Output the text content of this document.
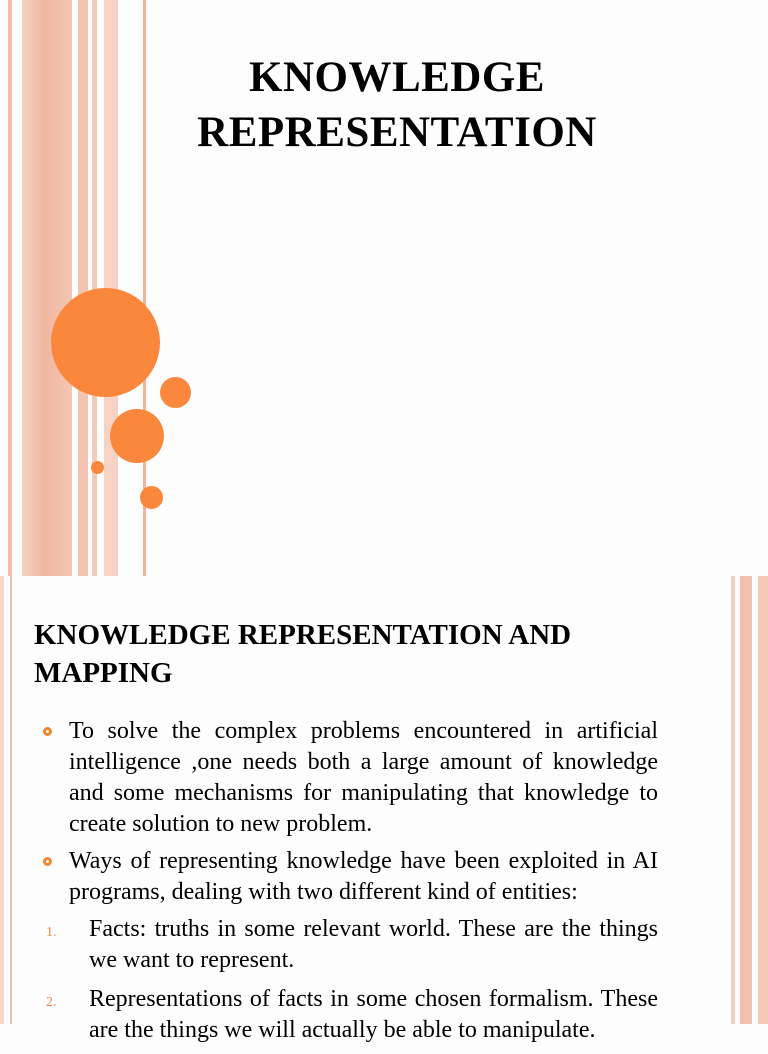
KNOWLEDGE
REPRESENTATION
KNOWLEDGE REPRESENTATION AND
MAPPING
To solve the complex problems encountered in artificial intelligence ,one needs both a large amount of knowledge and some mechanisms for manipulating that knowledge to create solution to new problem.
Ways of representing knowledge have been exploited in AI programs, dealing with two different kind of entities:
1. Facts: truths in some relevant world. These are the things we want to represent.
2. Representations of facts in some chosen formalism. These are the things we will actually be able to manipulate.
